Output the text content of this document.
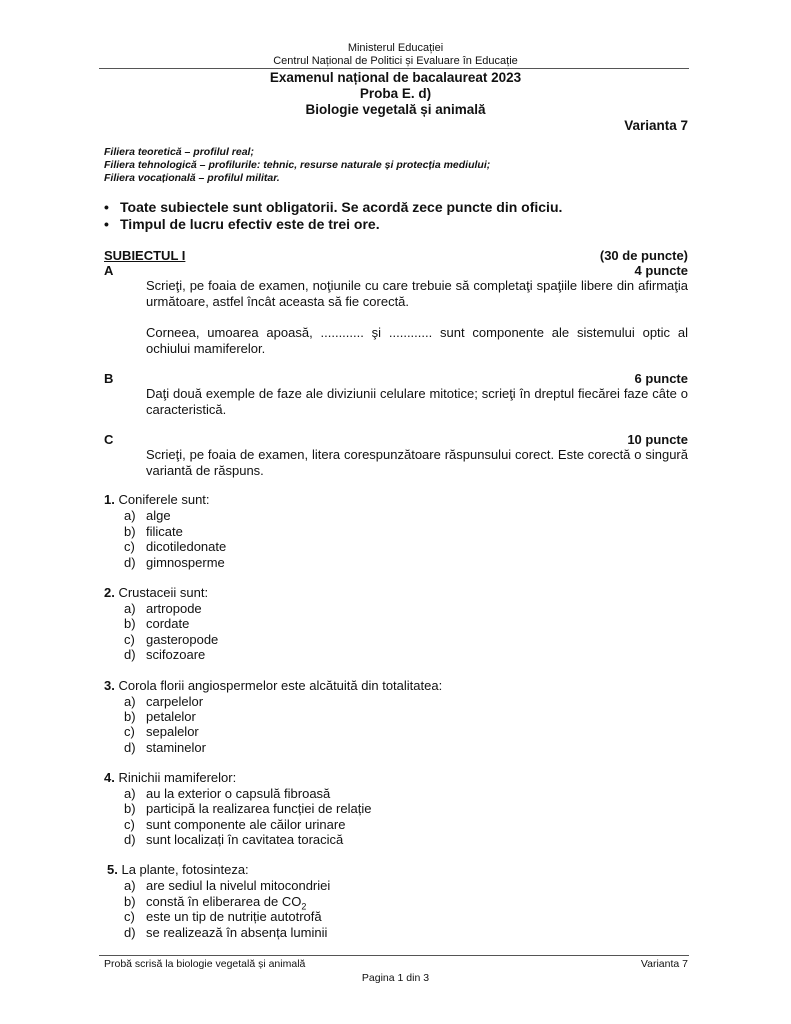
Ministerul Educației
Centrul Național de Politici și Evaluare în Educație
Examenul național de bacalaureat 2023
Proba E. d)
Biologie vegetală și animală
Varianta 7
Filiera teoretică – profilul real;
Filiera tehnologică – profilurile: tehnic, resurse naturale și protecția mediului;
Filiera vocațională – profilul militar.
• Toate subiectele sunt obligatorii. Se acordă zece puncte din oficiu.
• Timpul de lucru efectiv este de trei ore.
SUBIECTUL I	(30 de puncte)
A	4 puncte
Scrieţi, pe foaia de examen, noţiunile cu care trebuie să completaţi spaţiile libere din afirmaţia următoare, astfel încât aceasta să fie corectă.
Corneea, umoarea apoasă, ............ şi ............ sunt componente ale sistemului optic al ochiului mamiferelor.
B	6 puncte
Daţi două exemple de faze ale diviziunii celulare mitotice; scrieţi în dreptul fiecărei faze câte o caracteristică.
C	10 puncte
Scrieţi, pe foaia de examen, litera corespunzătoare răspunsului corect. Este corectă o singură variantă de răspuns.
1. Coniferele sunt:
a) alge
b) filicate
c) dicotiledonate
d) gimnosperme
2. Crustaceii sunt:
a) artropode
b) cordate
c) gasteropode
d) scifozoare
3. Corola florii angiospermelor este alcătuită din totalitatea:
a) carpelelor
b) petalelor
c) sepalelor
d) staminelor
4. Rinichii mamiferelor:
a) au la exterior o capsulă fibroasă
b) participă la realizarea funcției de relație
c) sunt componente ale căilor urinare
d) sunt localizați în cavitatea toracică
5. La plante, fotosinteza:
a) are sediul la nivelul mitocondriei
b) constă în eliberarea de $CO_2$
c) este un tip de nutriție autotrofă
d) se realizează în absența luminii
Probă scrisă la biologie vegetală și animală	Varianta 7
Pagina 1 din 3
